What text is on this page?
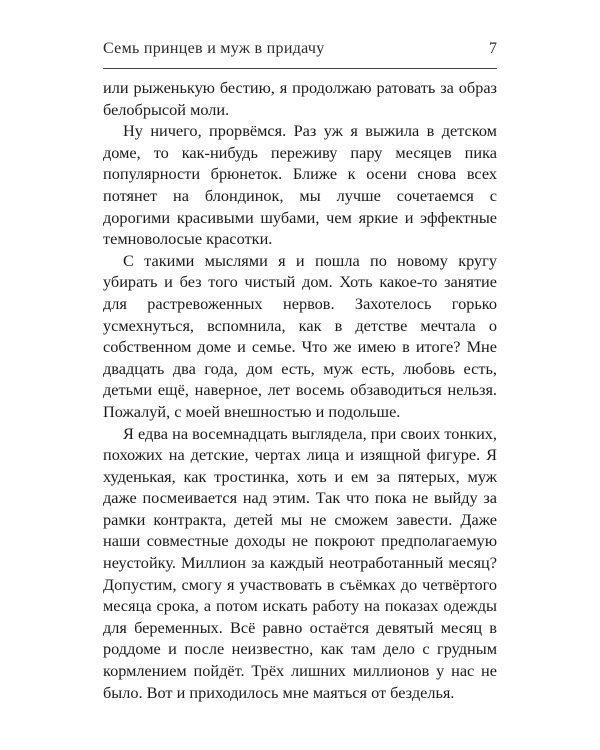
Семь принцев и муж в придачу	7

или рыженькую бестию, я продолжаю ратовать за образ белобрысой моли.

Ну ничего, прорвёмся. Раз уж я выжила в детском доме, то как-нибудь переживу пару месяцев пика популярности брюнеток. Ближе к осени снова всех потянет на блондинок, мы лучше сочетаемся с дорогими красивыми шубами, чем яркие и эффектные темноволосые красотки.

С такими мыслями я и пошла по новому кругу убирать и без того чистый дом. Хоть какое-то занятие для растревоженных нервов. Захотелось горько усмехнуться, вспомнила, как в детстве мечтала о собственном доме и семье. Что же имею в итоге? Мне двадцать два года, дом есть, муж есть, любовь есть, детьми ещё, наверное, лет восемь обзаводиться нельзя. Пожалуй, с моей внешностью и подольше.

Я едва на восемнадцать выглядела, при своих тонких, похожих на детские, чертах лица и изящной фигуре. Я худенькая, как тростинка, хоть и ем за пятерых, муж даже посмеивается над этим. Так что пока не выйду за рамки контракта, детей мы не сможем завести. Даже наши совместные доходы не покроют предполагаемую неустойку. Миллион за каждый неотработанный месяц? Допустим, смогу я участвовать в съёмках до четвёртого месяца срока, а потом искать работу на показах одежды для беременных. Всё равно остаётся девятый месяц в роддоме и после неизвестно, как там дело с грудным кормлением пойдёт. Трёх лишних миллионов у нас не было. Вот и приходилось мне маяться от безделья.
